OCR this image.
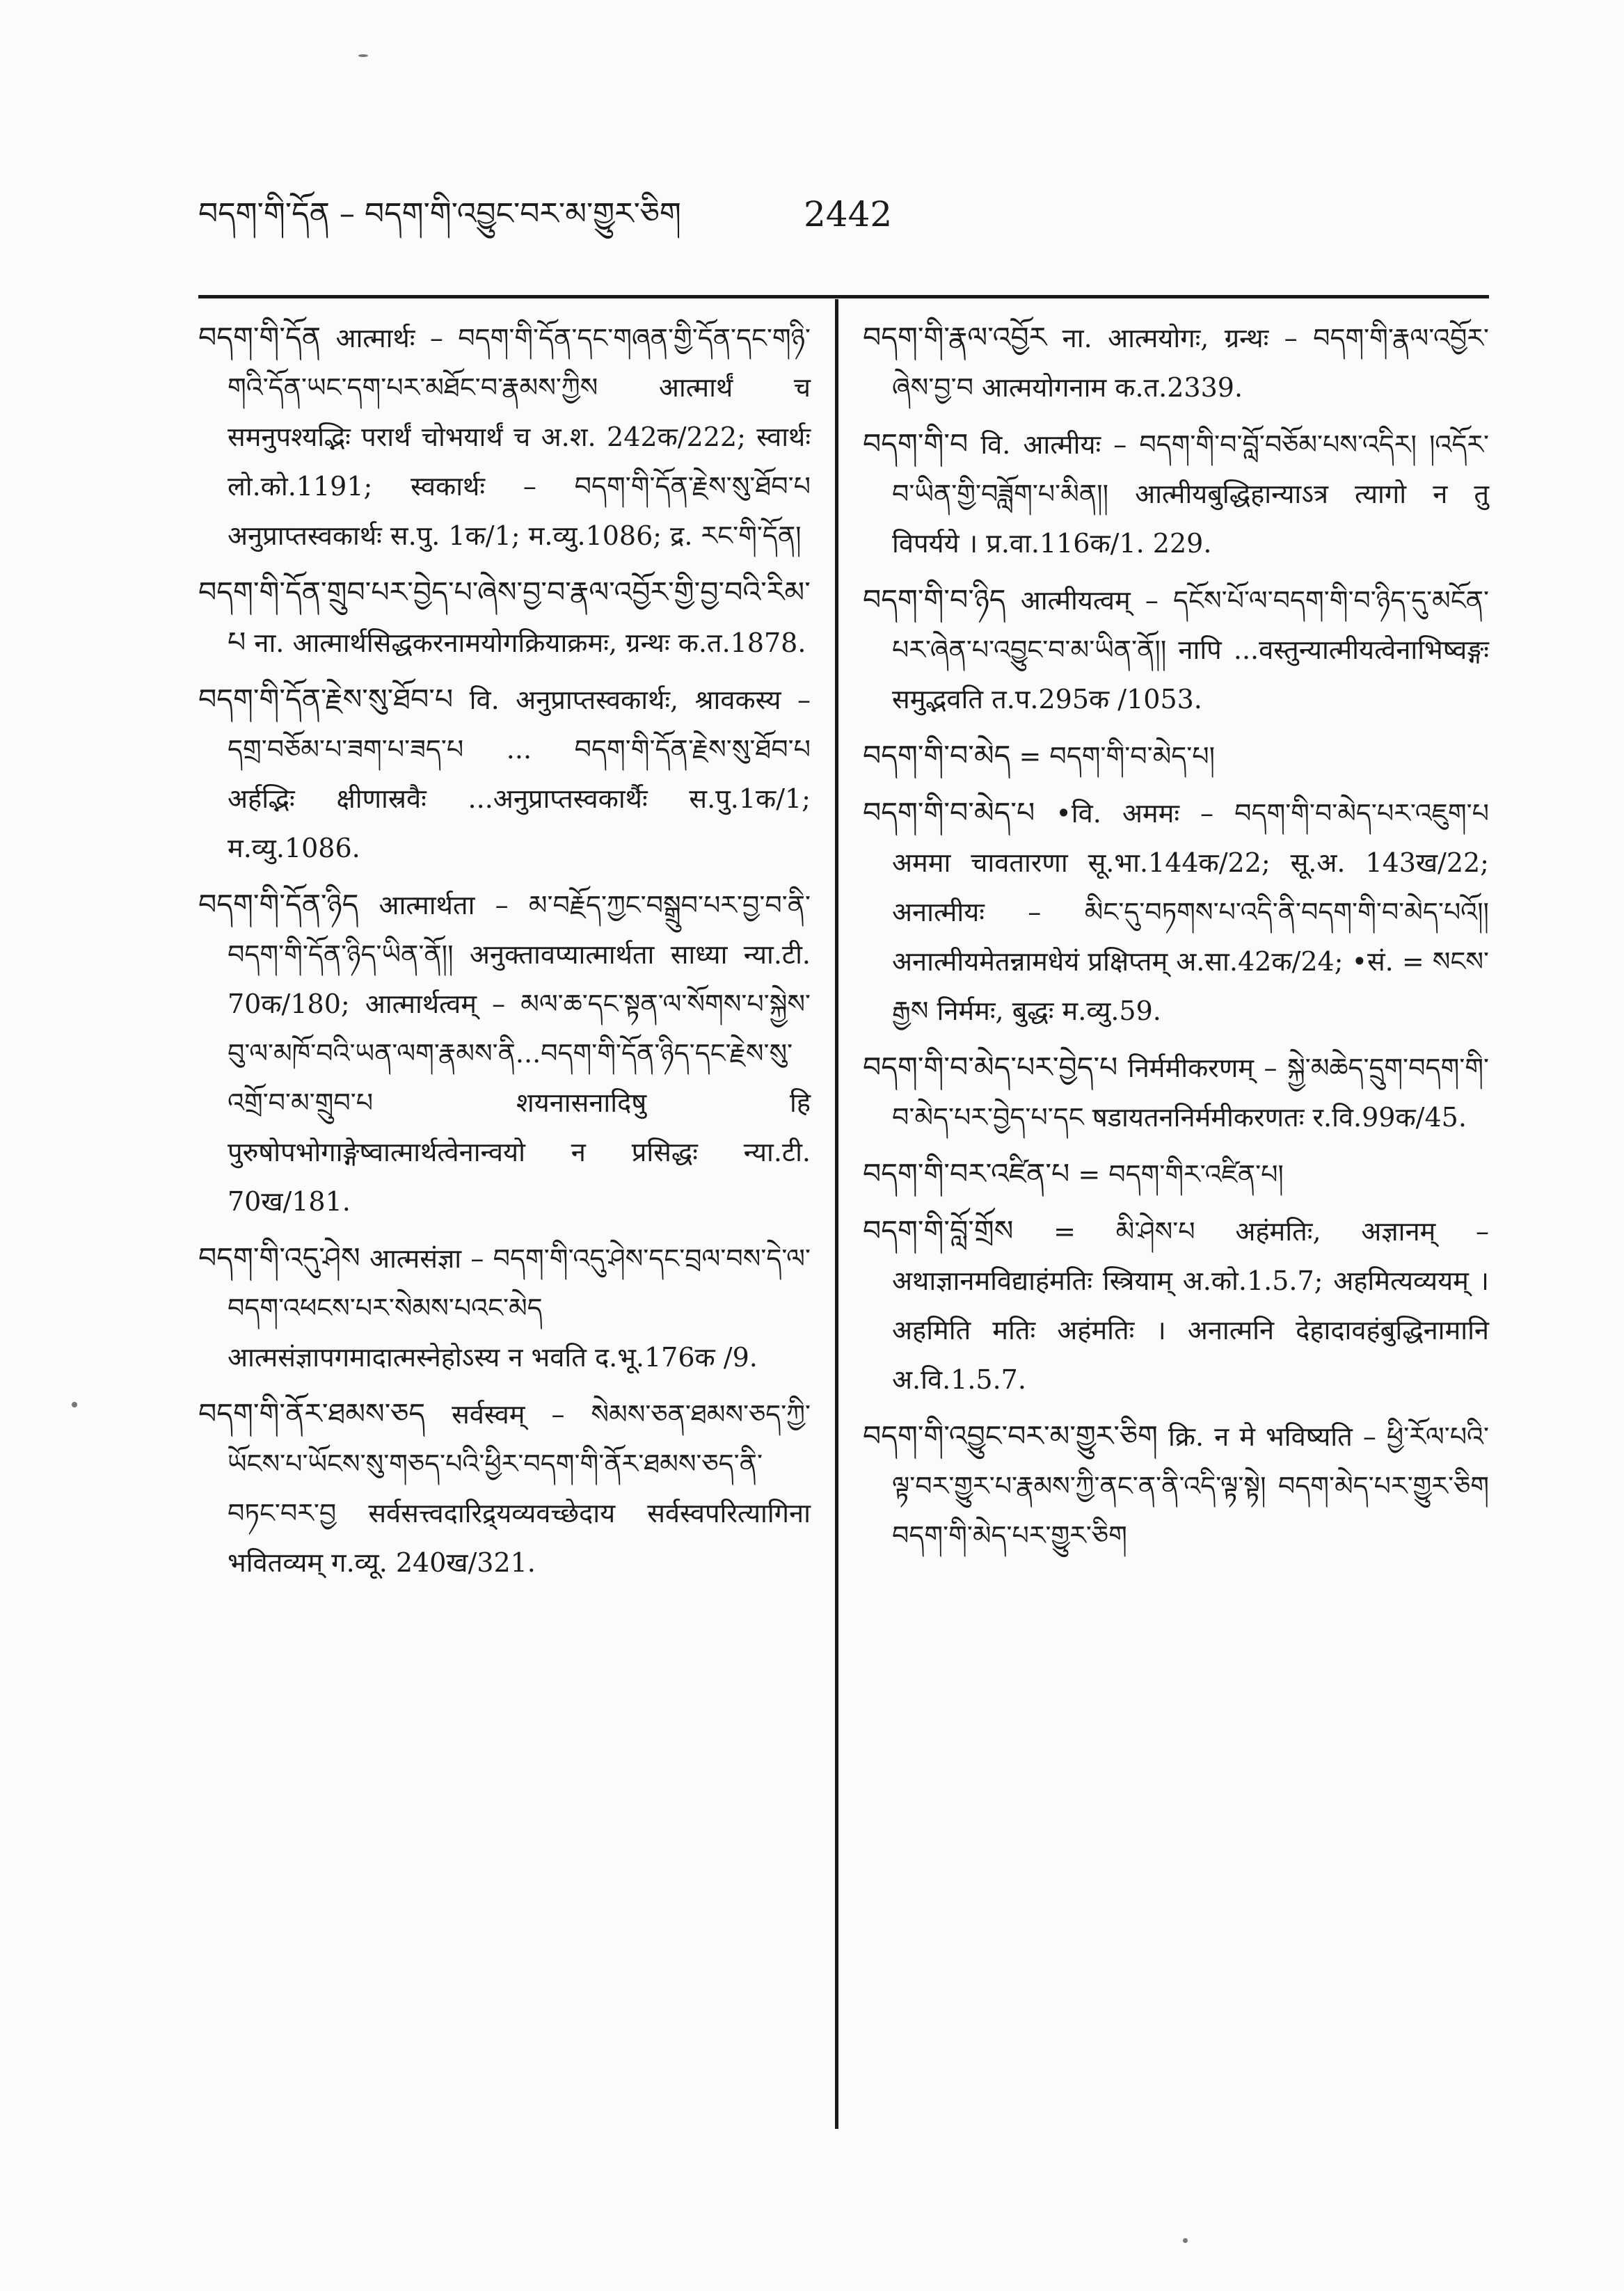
བདག་གི་དོན – བདག་གི་འབྱུང་བར་མ་གྱུར་ཅིག	2442

བདག་གི་དོན आत्मार्थः – བདག་གི་དོན་དང་གཞན་གྱི་དོན་དང་གཉི་གའི་དོན་ཡང་དག་པར་མཐོང་བ་རྣམས་ཀྱིས आत्मार्थं च समनुपश्यद्भिः परार्थं चोभयार्थं च अ.श. 242क/222; स्वार्थः लो.को.1191; स्वकार्थः – བདག་གི་དོན་རྗེས་སུ་ཐོབ་པ अनुप्राप्तस्वकार्थः स.पु. 1क/1; म.व्यु.1086; द्र. རང་གི་དོན།

བདག་གི་དོན་གྲུབ་པར་བྱེད་པ་ཞེས་བྱ་བ་རྣལ་འབྱོར་གྱི་བྱ་བའི་རིམ་པ ना. आत्मार्थसिद्धकरनामयोगक्रियाक्रमः, ग्रन्थः क.त.1878.

བདག་གི་དོན་རྗེས་སུ་ཐོབ་པ वि. अनुप्राप्तस्वकार्थः, श्रावकस्य – དགྲ་བཅོམ་པ་ཟག་པ་ཟད་པ ... བདག་གི་དོན་རྗེས་སུ་ཐོབ་པ अर्हद्भिः क्षीणास्रवैः ...अनुप्राप्तस्वकार्थैः स.पु.1क/1; म.व्यु.1086.

བདག་གི་དོན་ཉིད आत्मार्थता – མ་བརྗོད་ཀྱང་བསྒྲུབ་པར་བྱ་བ་ནི་བདག་གི་དོན་ཉིད་ཡིན་ནོ།། अनुक्तावप्यात्मार्थता साध्या न्या.टी. 70क/180; आत्मार्थत्वम् – མལ་ཆ་དང་སྟན་ལ་སོགས་པ་སྐྱེས་བུ་ལ་མཁོ་བའི་ཡན་ལག་རྣམས་ནི...བདག་གི་དོན་ཉིད་དང་རྗེས་སུ་འགྲོ་བ་མ་གྲུབ་པ शयनासनादिषु हि पुरुषोपभोगाङ्गेष्वात्मार्थत्वेनान्वयो न प्रसिद्धः न्या.टी. 70ख/181.

བདག་གི་འདུ་ཤེས आत्मसंज्ञा – བདག་གི་འདུ་ཤེས་དང་བྲལ་བས་དེ་ལ་བདག་འཕངས་པར་སེམས་པའང་མེད आत्मसंज्ञापगमादात्मस्नेहोऽस्य न भवति द.भू.176क /9.

བདག་གི་ནོར་ཐམས་ཅད सर्वस्वम् – སེམས་ཅན་ཐམས་ཅད་ཀྱི་ཡོངས་པ་ཡོངས་སུ་གཅད་པའི་ཕྱིར་བདག་གི་ནོར་ཐམས་ཅད་ནི་བཏང་བར་བྱ सर्वसत्त्वदारिद्र्यव्यवच्छेदाय सर्वस्वपरित्यागिना भवितव्यम् ग.व्यू. 240ख/321.

བདག་གི་རྣལ་འབྱོར ना. आत्मयोगः, ग्रन्थः – བདག་གི་རྣལ་འབྱོར་ཞེས་བྱ་བ आत्मयोगनाम क.त.2339.

བདག་གི་བ वि. आत्मीयः – བདག་གི་བ་བློ་བཅོམ་པས་འདིར། །འདོར་བ་ཡིན་གྱི་བཟློག་པ་མིན།། आत्मीयबुद्धिहान्याऽत्र त्यागो न तु विपर्यये । प्र.वा.116क/1. 229.

བདག་གི་བ་ཉིད आत्मीयत्वम् – དངོས་པོ་ལ་བདག་གི་བ་ཉིད་དུ་མངོན་པར་ཞེན་པ་འབྱུང་བ་མ་ཡིན་ནོ།། नापि ...वस्तुन्यात्मीयत्वेनाभिष्वङ्गः समुद्भवति त.प.295क /1053.

བདག་གི་བ་མེད = བདག་གི་བ་མེད་པ།

བདག་གི་བ་མེད་པ •वि. अममः – བདག་གི་བ་མེད་པར་འཇུག་པ अममा चावतारणा सू.भा.144क/22; सू.अ. 143ख/22; अनात्मीयः – མིང་དུ་བཏགས་པ་འདི་ནི་བདག་གི་བ་མེད་པའོ།། अनात्मीयमेतन्नामधेयं प्रक्षिप्तम् अ.सा.42क/24; •सं. = སངས་རྒྱས निर्ममः, बुद्धः म.व्यु.59.

བདག་གི་བ་མེད་པར་བྱེད་པ निर्ममीकरणम् – སྐྱེ་མཆེད་དྲུག་བདག་གི་བ་མེད་པར་བྱེད་པ་དང षडायतननिर्ममीकरणतः र.वि.99क/45.

བདག་གི་བར་འཛིན་པ = བདག་གིར་འཛིན་པ།

བདག་གི་བློ་གྲོས = མི་ཤེས་པ अहंमतिः, अज्ञानम् – अथाज्ञानमविद्याहंमतिः स्त्रियाम् अ.को.1.5.7; अहमित्यव्ययम् । अहमिति मतिः अहंमतिः । अनात्मनि देहादावहंबुद्धिनामानि अ.वि.1.5.7.

བདག་གི་འབྱུང་བར་མ་གྱུར་ཅིག क्रि. न मे भविष्यति – ཕྱི་རོལ་པའི་ལྟ་བར་གྱུར་པ་རྣམས་ཀྱི་ནང་ན་ནི་འདི་ལྟ་སྟེ། བདག་མེད་པར་གྱུར་ཅིག བདག་གི་མེད་པར་གྱུར་ཅིག
